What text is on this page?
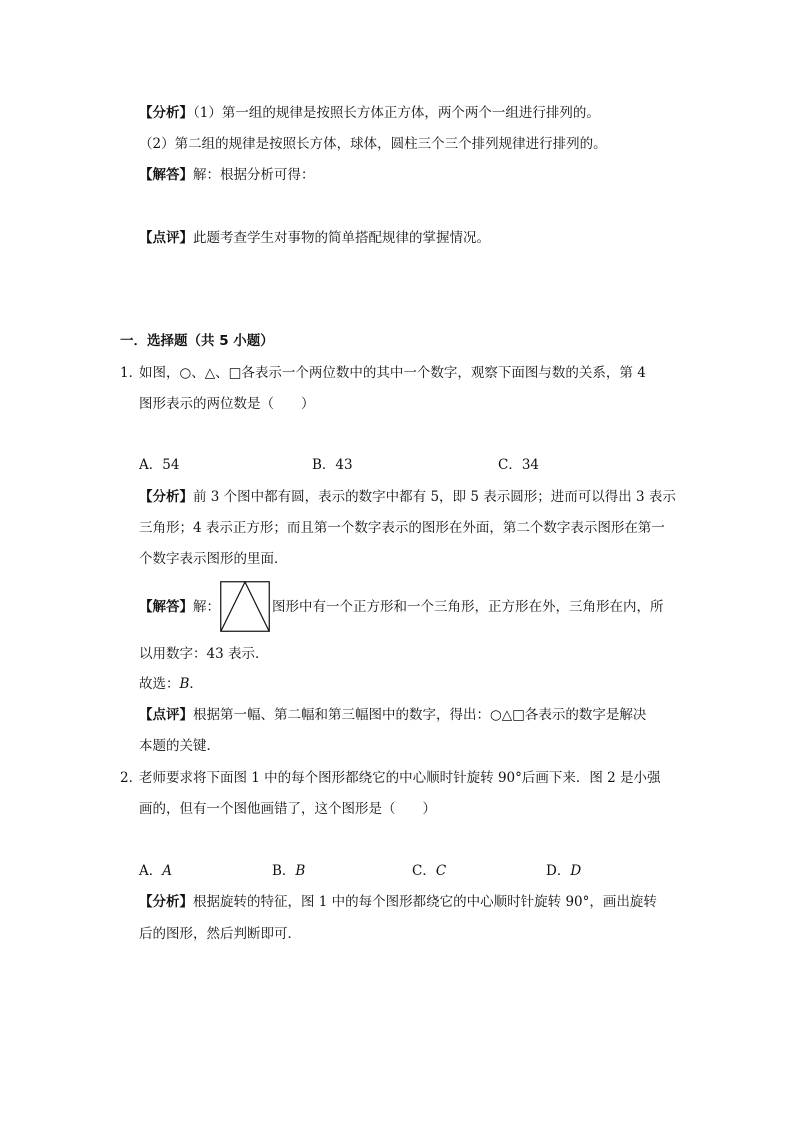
【分析】（1）第一组的规律是按照长方体正方体，两个两个一组进行排列的。
（2）第二组的规律是按照长方体，球体，圆柱三个三个排列规律进行排列的。
【解答】解：根据分析可得：
【点评】此题考查学生对事物的简单搭配规律的掌握情况。
一．选择题（共 5 小题）
1．
如图，○、△、□各表示一个两位数中的其中一个数字，观察下面图与数的关系，第 4
图形表示的两位数是（　　）
A．54	B．43	C．34
【分析】前 3 个图中都有圆，表示的数字中都有 5，即 5 表示圆形；进而可以得出 3 表示
三角形；4 表示正方形；而且第一个数字表示的图形在外面，第二个数字表示图形在第一
个数字表示图形的里面．
【解答】解：	图形中有一个正方形和一个三角形，正方形在外，三角形在内，所
以用数字：43 表示．
故选：B．
【点评】根据第一幅、第二幅和第三幅图中的数字，得出：○△□各表示的数字是解决
本题的关键．
2．
老师要求将下面图 1 中的每个图形都绕它的中心顺时针旋转 90°后画下来．图 2 是小强
画的，但有一个图他画错了，这个图形是（　　）
A．A	B．B	C．C	D．D
【分析】根据旋转的特征，图 1 中的每个图形都绕它的中心顺时针旋转 90°，画出旋转
后的图形，然后判断即可．
